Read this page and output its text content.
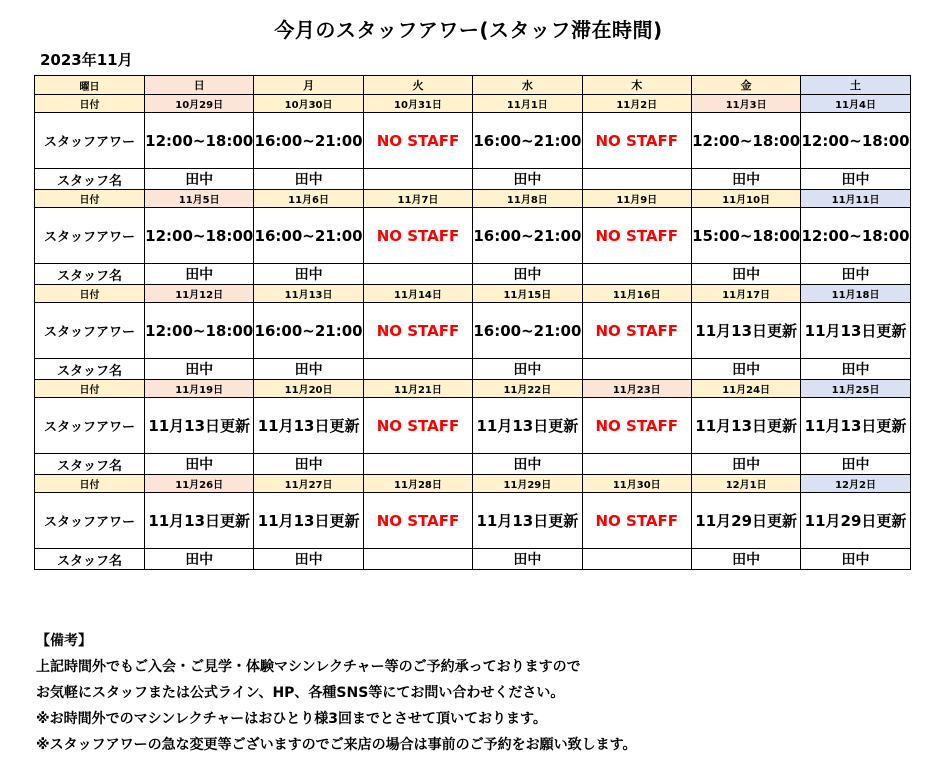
今月のスタッフアワー(スタッフ滞在時間)
2023年11月
曜日	日	月	火	水	木	金	土
日付	10月29日	10月30日	10月31日	11月1日	11月2日	11月3日	11月4日
スタッフアワー	12:00~18:00	16:00~21:00	NO STAFF	16:00~21:00	NO STAFF	12:00~18:00	12:00~18:00
スタッフ名	田中	田中		田中		田中	田中
日付	11月5日	11月6日	11月7日	11月8日	11月9日	11月10日	11月11日
スタッフアワー	12:00~18:00	16:00~21:00	NO STAFF	16:00~21:00	NO STAFF	15:00~18:00	12:00~18:00
スタッフ名	田中	田中		田中		田中	田中
日付	11月12日	11月13日	11月14日	11月15日	11月16日	11月17日	11月18日
スタッフアワー	12:00~18:00	16:00~21:00	NO STAFF	16:00~21:00	NO STAFF	11月13日更新	11月13日更新
スタッフ名	田中	田中		田中		田中	田中
日付	11月19日	11月20日	11月21日	11月22日	11月23日	11月24日	11月25日
スタッフアワー	11月13日更新	11月13日更新	NO STAFF	11月13日更新	NO STAFF	11月13日更新	11月13日更新
スタッフ名	田中	田中		田中		田中	田中
日付	11月26日	11月27日	11月28日	11月29日	11月30日	12月1日	12月2日
スタッフアワー	11月13日更新	11月13日更新	NO STAFF	11月13日更新	NO STAFF	11月29日更新	11月29日更新
スタッフ名	田中	田中		田中		田中	田中
【備考】
上記時間外でもご入会・ご見学・体験マシンレクチャー等のご予約承っておりますので
お気軽にスタッフまたは公式ライン、HP、各種SNS等にてお問い合わせください。
※お時間外でのマシンレクチャーはおひとり様3回までとさせて頂いております。
※スタッフアワーの急な変更等ございますのでご来店の場合は事前のご予約をお願い致します。
